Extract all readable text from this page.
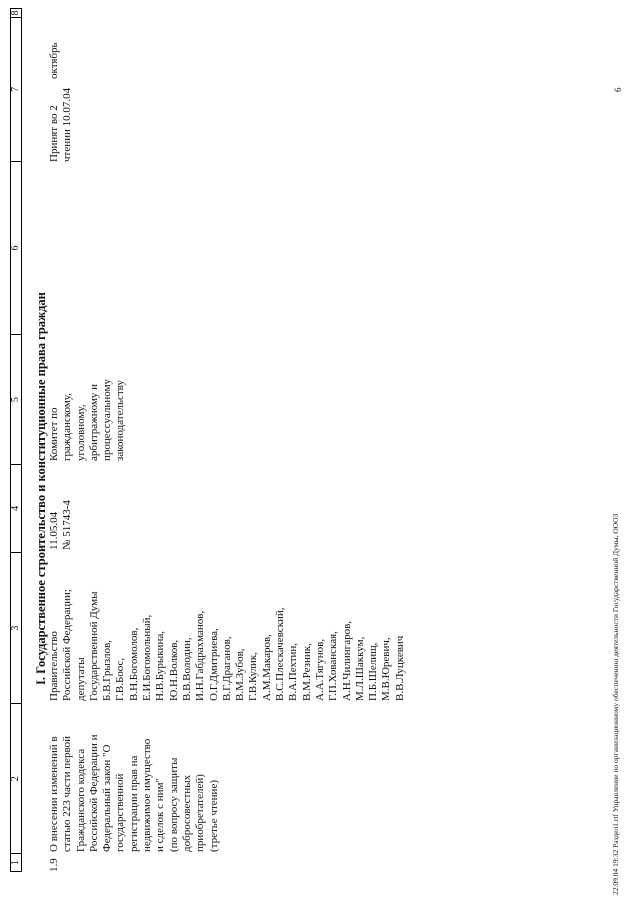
1
2
3
4
5
6
7
8
I. Государственное строительство и конституционные права граждан
1.9
О внесении изменений в статью 223 части первой Гражданского кодекса Российской Федерации и Федеральный закон "О государственной регистрации прав на недвижимое имущество и сделок с ним" (по вопросу защиты добросовестных приобретателей) (третье чтение)
Правительство Российской Федерации; депутаты Государственной Думы Б.В.Грызлов, Г.В.Боос, В.Н.Богомолов, Е.И.Богомольный, Н.В.Бурыкина, Ю.Н.Волков, В.В.Володин, И.Н.Габдрахманов, О.Г.Дмитриева, В.Г.Драганов, В.М.Зубов, Г.В.Кулик, А.М.Макаров, В.С.Плескачевский, В.А.Пехтин, В.М.Резник, А.А.Тягунов, Г.П.Хованская, А.Н.Чилингаров, М.Л.Шаккум, П.Б.Шелищ, М.В.Юревич, В.В.Луцкевич
11.05.04 № 51743-4
Комитет по гражданскому, уголовному, арбитражному и процессуальному законодательству
Принят во 2 чтении 10.07.04
октябрь
22.09.04 19:32 Раздел1.rtf Управление по организационному обеспечению деятельности Государственной Думы, ООО3
6
